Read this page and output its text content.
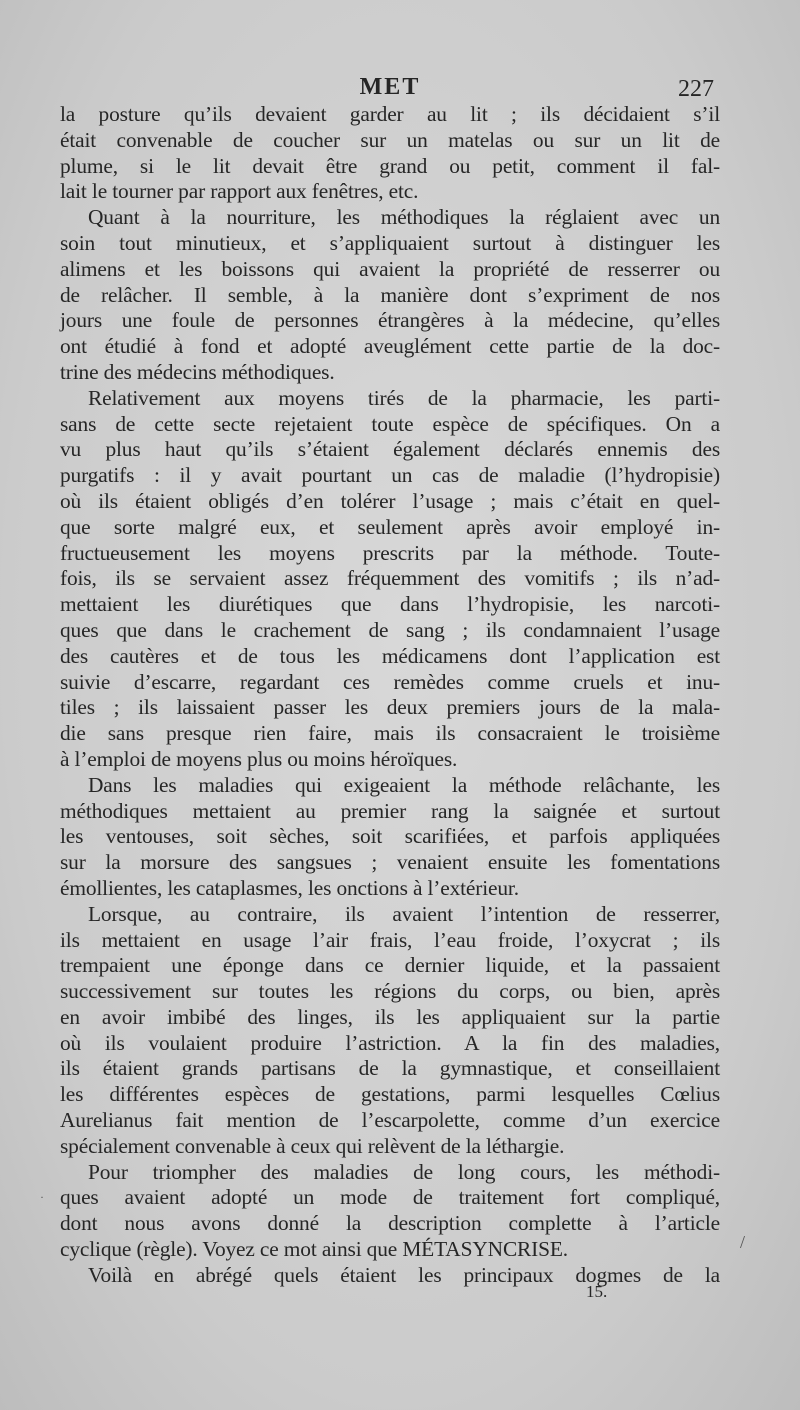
MET	227
la posture qu’ils devaient garder au lit ; ils décidaient s’il
était convenable de coucher sur un matelas ou sur un lit de
plume, si le lit devait être grand ou petit, comment il fal-
lait le tourner par rapport aux fenêtres, etc.
Quant à la nourriture, les méthodiques la réglaient avec un
soin tout minutieux, et s’appliquaient surtout à distinguer les
alimens et les boissons qui avaient la propriété de resserrer ou
de relâcher. Il semble, à la manière dont s’expriment de nos
jours une foule de personnes étrangères à la médecine, qu’elles
ont étudié à fond et adopté aveuglément cette partie de la doc-
trine des médecins méthodiques.
Relativement aux moyens tirés de la pharmacie, les parti-
sans de cette secte rejetaient toute espèce de spécifiques. On a
vu plus haut qu’ils s’étaient également déclarés ennemis des
purgatifs : il y avait pourtant un cas de maladie (l’hydropisie)
où ils étaient obligés d’en tolérer l’usage ; mais c’était en quel-
que sorte malgré eux, et seulement après avoir employé in-
fructueusement les moyens prescrits par la méthode. Toute-
fois, ils se servaient assez fréquemment des vomitifs ; ils n’ad-
mettaient les diurétiques que dans l’hydropisie, les narcoti-
ques que dans le crachement de sang ; ils condamnaient l’usage
des cautères et de tous les médicamens dont l’application est
suivie d’escarre, regardant ces remèdes comme cruels et inu-
tiles ; ils laissaient passer les deux premiers jours de la mala-
die sans presque rien faire, mais ils consacraient le troisième
à l’emploi de moyens plus ou moins héroïques.
Dans les maladies qui exigeaient la méthode relâchante, les
méthodiques mettaient au premier rang la saignée et surtout
les ventouses, soit sèches, soit scarifiées, et parfois appliquées
sur la morsure des sangsues ; venaient ensuite les fomentations
émollientes, les cataplasmes, les onctions à l’extérieur.
Lorsque, au contraire, ils avaient l’intention de resserrer,
ils mettaient en usage l’air frais, l’eau froide, l’oxycrat ; ils
trempaient une éponge dans ce dernier liquide, et la passaient
successivement sur toutes les régions du corps, ou bien, après
en avoir imbibé des linges, ils les appliquaient sur la partie
où ils voulaient produire l’astriction. A la fin des maladies,
ils étaient grands partisans de la gymnastique, et conseillaient
les différentes espèces de gestations, parmi lesquelles Cœlius
Aurelianus fait mention de l’escarpolette, comme d’un exercice
spécialement convenable à ceux qui relèvent de la léthargie.
Pour triompher des maladies de long cours, les méthodi-
ques avaient adopté un mode de traitement fort compliqué,
dont nous avons donné la description complette à l’article
cyclique (règle). Voyez ce mot ainsi que MÉTASYNCRISE.
Voilà en abrégé quels étaient les principaux dogmes de la
15.
/
·
